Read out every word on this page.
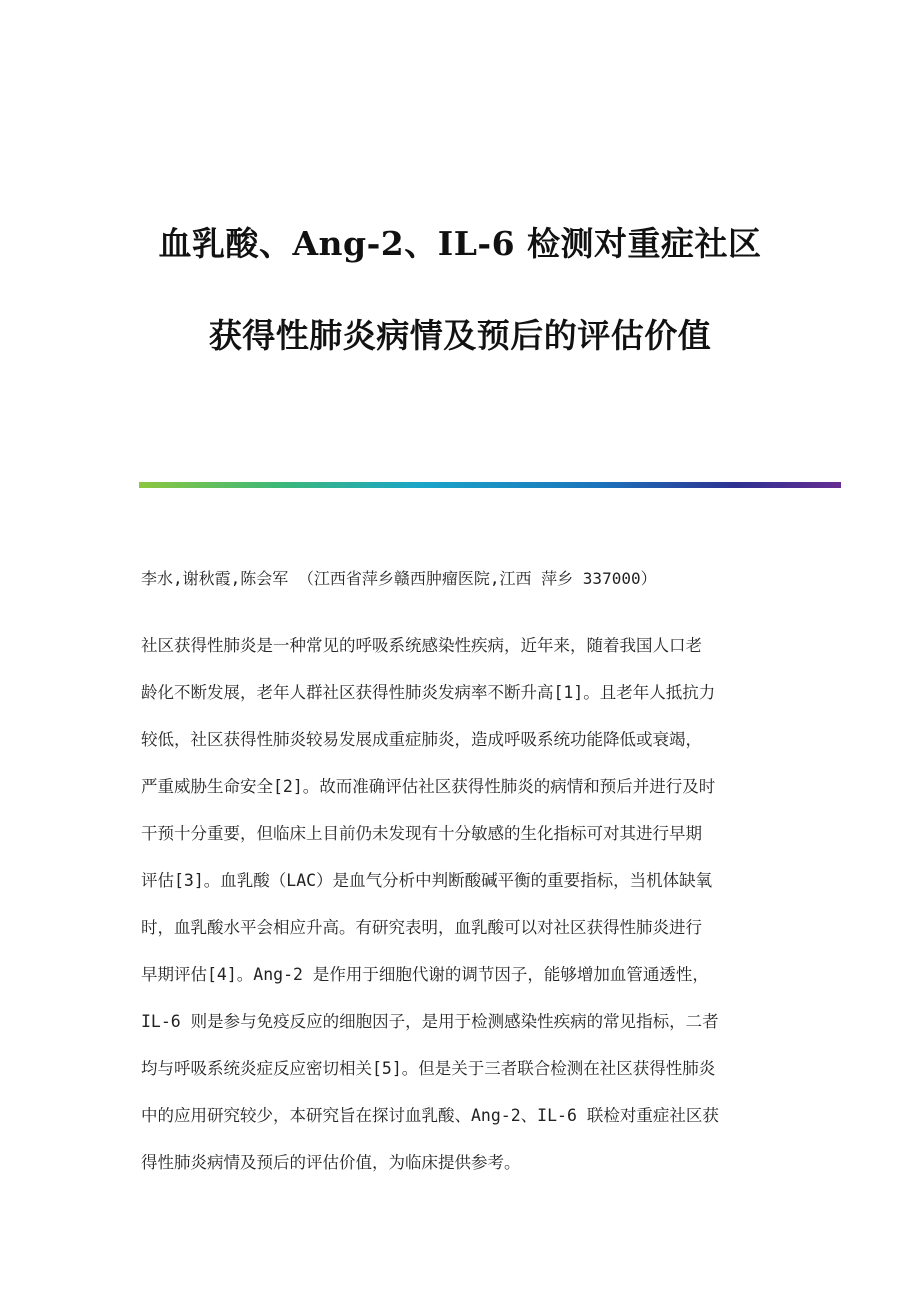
血乳酸、Ang-2、IL-6 检测对重症社区
获得性肺炎病情及预后的评估价值
李水,谢秋霞,陈会军 （江西省萍乡赣西肿瘤医院,江西 萍乡 337000）
社区获得性肺炎是一种常见的呼吸系统感染性疾病，近年来，随着我国人口老
龄化不断发展，老年人群社区获得性肺炎发病率不断升高[1]。且老年人抵抗力
较低，社区获得性肺炎较易发展成重症肺炎，造成呼吸系统功能降低或衰竭，
严重威胁生命安全[2]。故而准确评估社区获得性肺炎的病情和预后并进行及时
干预十分重要，但临床上目前仍未发现有十分敏感的生化指标可对其进行早期
评估[3]。血乳酸（LAC）是血气分析中判断酸碱平衡的重要指标，当机体缺氧
时，血乳酸水平会相应升高。有研究表明，血乳酸可以对社区获得性肺炎进行
早期评估[4]。Ang-2 是作用于细胞代谢的调节因子，能够增加血管通透性，
IL-6 则是参与免疫反应的细胞因子，是用于检测感染性疾病的常见指标，二者
均与呼吸系统炎症反应密切相关[5]。但是关于三者联合检测在社区获得性肺炎
中的应用研究较少，本研究旨在探讨血乳酸、Ang-2、IL-6 联检对重症社区获
得性肺炎病情及预后的评估价值，为临床提供参考。
